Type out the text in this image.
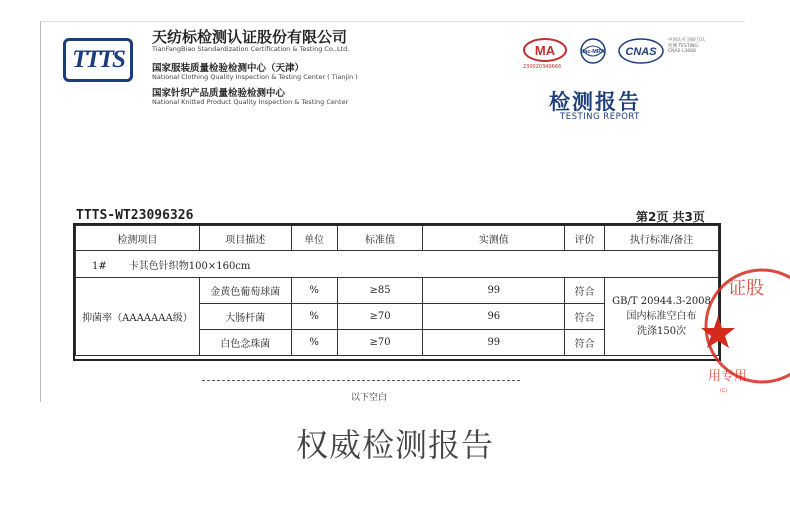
TTTS
天纺标检测认证股份有限公司
TianFangBiao Standardization Certification & Testing Co.,Ltd.
国家服装质量检验检测中心（天津）
National Clothing Quality Inspection & Testing Center ( Tianjin )
国家针织产品质量检验检测中心
National Knitted Product Quality Inspection & Testing Center
MA
230020349666
ilac-MRA CNAS
中国认可 国际互认 检测 TESTING CNAS L3668
检测报告
TESTING REPORT
TTTS-WT23096326	第2页 共3页
检测项目	项目描述	单位	标准值	实测值	评价	执行标准/备注
1# 卡其色针织物100×160cm						
抑菌率（AAAAAAA级）	金黄色葡萄球菌	%	≥85	99	符合	GB/T 20944.3-2008
国内标准空白布
洗涤150次

	大肠杆菌	%	≥70	96	符合	
	白色念珠菌	%	≥70	99	符合	
证股
用专用
(C)
以下空白
权威检测报告
